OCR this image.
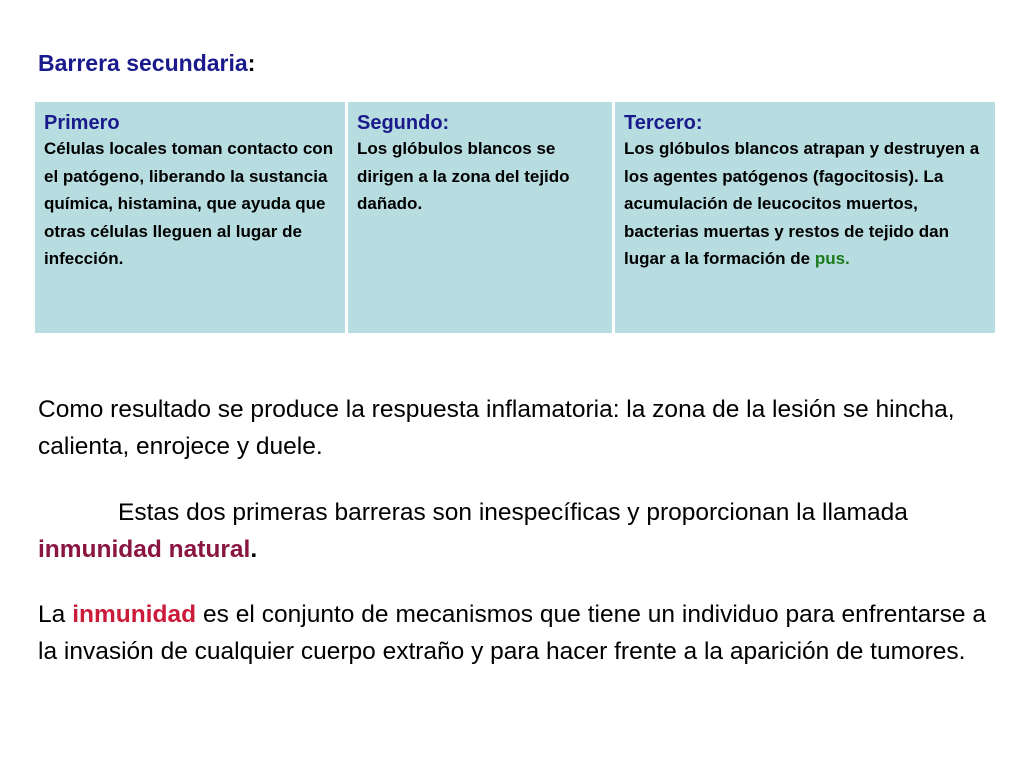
Barrera secundaria:
Primero
Células locales toman contacto con el patógeno, liberando la sustancia química, histamina, que ayuda que otras células lleguen al lugar de infección.

Segundo:
Los glóbulos blancos se dirigen a la zona del tejido dañado.

Tercero:
Los glóbulos blancos atrapan y destruyen a los agentes patógenos (fagocitosis). La acumulación de leucocitos muertos, bacterias muertas y restos de tejido dan lugar a la formación de pus.

Como resultado se produce la respuesta inflamatoria: la zona de la lesión se hincha, calienta, enrojece y duele.

Estas dos primeras barreras son inespecíficas y proporcionan la llamada inmunidad natural.

La inmunidad es el conjunto de mecanismos que tiene un individuo para enfrentarse a la invasión de cualquier cuerpo extraño y para hacer frente a la aparición de tumores.
